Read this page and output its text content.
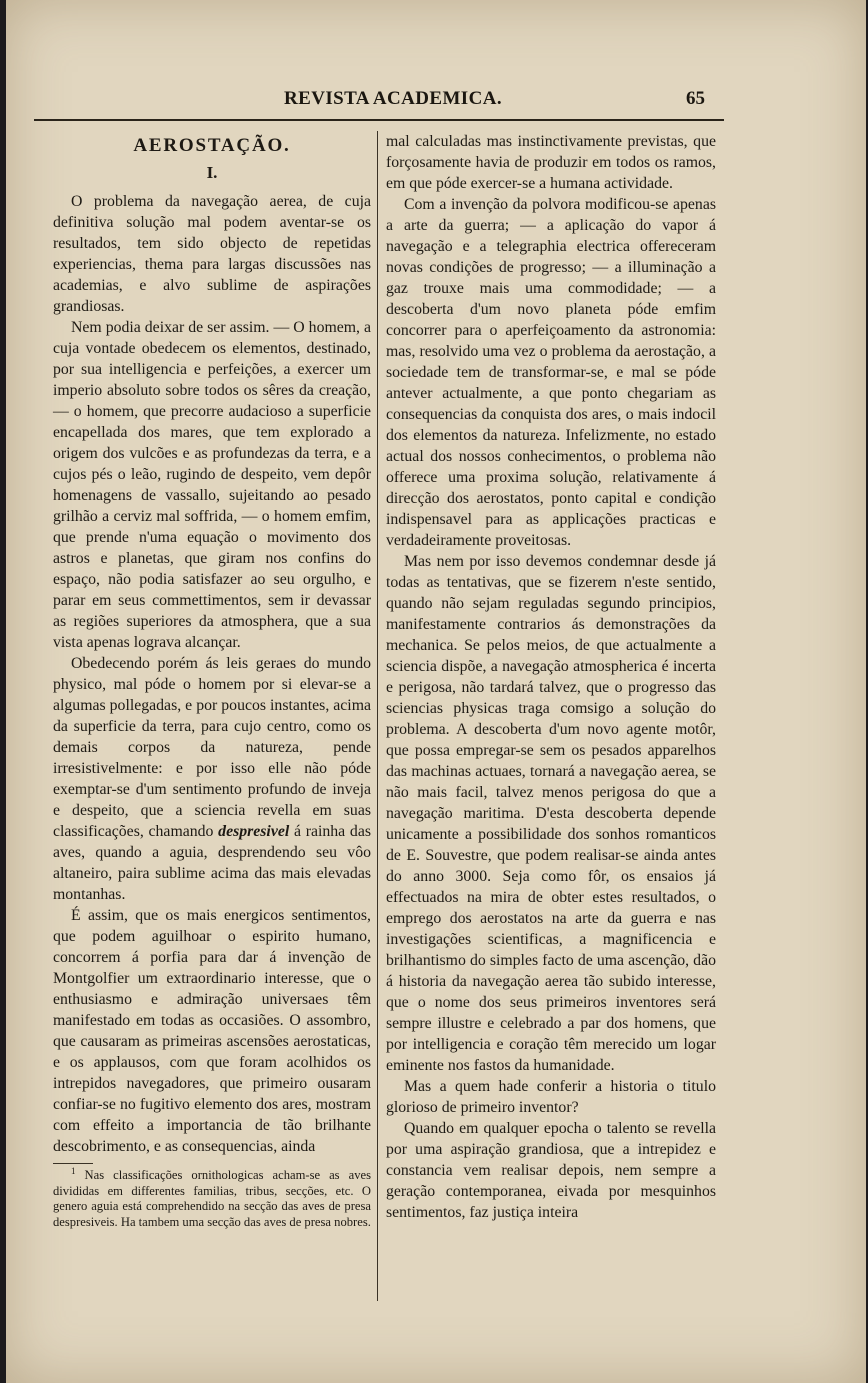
REVISTA ACADEMICA.	65
AEROSTAÇÃO.
I.

O problema da navegação aerea, de cuja definitiva solução mal podem aventar-se os resultados, tem sido objecto de repetidas experiencias, thema para largas discussões nas academias, e alvo sublime de aspirações grandiosas.

Nem podia deixar de ser assim. — O homem, a cuja vontade obedecem os elementos, destinado, por sua intelligencia e perfeições, a exercer um imperio absoluto sobre todos os sêres da creação, — o homem, que precorre audacioso a superficie encapellada dos mares, que tem explorado a origem dos vulcões e as profundezas da terra, e a cujos pés o leão, rugindo de despeito, vem depôr homenagens de vassallo, sujeitando ao pesado grilhão a cerviz mal soffrida, — o homem emfim, que prende n'uma equação o movimento dos astros e planetas, que giram nos confins do espaço, não podia satisfazer ao seu orgulho, e parar em seus commettimentos, sem ir devassar as regiões superiores da atmosphera, que a sua vista apenas lograva alcançar.

Obedecendo porém ás leis geraes do mundo physico, mal póde o homem por si elevar-se a algumas pollegadas, e por poucos instantes, acima da superficie da terra, para cujo centro, como os demais corpos da natureza, pende irresistivelmente: e por isso elle não póde exemptar-se d'um sentimento profundo de inveja e despeito, que a sciencia revella em suas classificações, chamando despresivel á rainha das aves, quando a aguia, desprendendo seu vôo altaneiro, paira sublime acima das mais elevadas montanhas.

É assim, que os mais energicos sentimentos, que podem aguilhoar o espirito humano, concorrem á porfia para dar á invenção de Montgolfier um extraordinario interesse, que o enthusiasmo e admiração universaes têm manifestado em todas as occasiões. O assombro, que causaram as primeiras ascensões aerostaticas, e os applausos, com que foram acolhidos os intrepidos navegadores, que primeiro ousaram confiar-se no fugitivo elemento dos ares, mostram com effeito a importancia de tão brilhante descobrimento, e as consequencias, ainda

$^1$ Nas classificações ornithologicas acham-se as aves divididas em differentes familias, tribus, secções, etc. O genero aguia está comprehendido na secção das aves de presa despresiveis. Ha tambem uma secção das aves de presa nobres.

mal calculadas mas instinctivamente previstas, que forçosamente havia de produzir em todos os ramos, em que póde exercer-se a humana actividade.

Com a invenção da polvora modificou-se apenas a arte da guerra; — a aplicação do vapor á navegação e a telegraphia electrica offereceram novas condições de progresso; — a illuminação a gaz trouxe mais uma commodidade; — a descoberta d'um novo planeta póde emfim concorrer para o aperfeiçoamento da astronomia: mas, resolvido uma vez o problema da aerostação, a sociedade tem de transformar-se, e mal se póde antever actualmente, a que ponto chegariam as consequencias da conquista dos ares, o mais indocil dos elementos da natureza. Infelizmente, no estado actual dos nossos conhecimentos, o problema não offerece uma proxima solução, relativamente á direcção dos aerostatos, ponto capital e condição indispensavel para as applicações practicas e verdadeiramente proveitosas.

Mas nem por isso devemos condemnar desde já todas as tentativas, que se fizerem n'este sentido, quando não sejam reguladas segundo principios, manifestamente contrarios ás demonstrações da mechanica. Se pelos meios, de que actualmente a sciencia dispõe, a navegação atmospherica é incerta e perigosa, não tardará talvez, que o progresso das sciencias physicas traga comsigo a solução do problema. A descoberta d'um novo agente motôr, que possa empregar-se sem os pesados apparelhos das machinas actuaes, tornará a navegação aerea, se não mais facil, talvez menos perigosa do que a navegação maritima. D'esta descoberta depende unicamente a possibilidade dos sonhos romanticos de E. Souvestre, que podem realisar-se ainda antes do anno 3000. Seja como fôr, os ensaios já effectuados na mira de obter estes resultados, o emprego dos aerostatos na arte da guerra e nas investigações scientificas, a magnificencia e brilhantismo do simples facto de uma ascenção, dão á historia da navegação aerea tão subido interesse, que o nome dos seus primeiros inventores será sempre illustre e celebrado a par dos homens, que por intelligencia e coração têm merecido um logar eminente nos fastos da humanidade.

Mas a quem hade conferir a historia o titulo glorioso de primeiro inventor?

Quando em qualquer epocha o talento se revella por uma aspiração grandiosa, que a intrepidez e constancia vem realisar depois, nem sempre a geração contemporanea, eivada por mesquinhos sentimentos, faz justiça inteira
